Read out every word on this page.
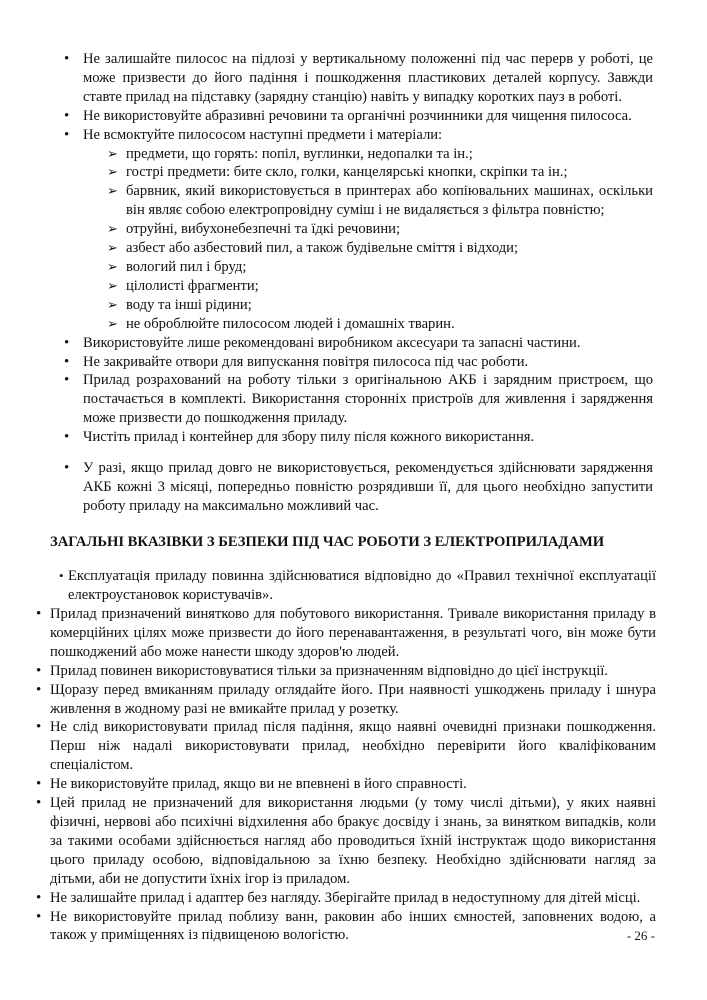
• Не залишайте пилосос на підлозі у вертикальному положенні під час перерв у роботі, це може призвести до його падіння і пошкодження пластикових деталей корпусу. Завжди ставте прилад на підставку (зарядну станцію) навіть у випадку коротких пауз в роботі.
• Не використовуйте абразивні речовини та органічні розчинники для чищення пилососа.
• Не всмоктуйте пилососом наступні предмети і матеріали:
➢ предмети, що горять: попіл, вуглинки, недопалки та ін.;
➢ гострі предмети: бите скло, голки, канцелярські кнопки, скріпки та ін.;
➢ барвник, який використовується в принтерах або копіювальних машинах, оскільки він являє собою електропровідну суміш і не видаляється з фільтра повністю;
➢ отруйні, вибухонебезпечні та їдкі речовини;
➢ азбест або азбестовий пил, а також будівельне сміття і відходи;
➢ вологий пил і бруд;
➢ цілолисті фрагменти;
➢ воду та інші рідини;
➢ не оброблюйте пилососом людей і домашніх тварин.
• Використовуйте лише рекомендовані виробником аксесуари та запасні частини.
• Не закривайте отвори для випускання повітря пилососа під час роботи.
• Прилад розрахований на роботу тільки з оригінальною АКБ і зарядним пристроєм, що постачається в комплекті. Використання сторонніх пристроїв для живлення і зарядження може призвести до пошкодження приладу.
• Чистіть прилад і контейнер для збору пилу після кожного використання.
• У разі, якщо прилад довго не використовується, рекомендується здійснювати зарядження АКБ кожні 3 місяці, попередньо повністю розрядивши її, для цього необхідно запустити роботу приладу на максимально можливий час.
ЗАГАЛЬНІ ВКАЗІВКИ З БЕЗПЕКИ ПІД ЧАС РОБОТИ З ЕЛЕКТРОПРИЛАДАМИ
• Експлуатація приладу повинна здійснюватися відповідно до «Правил технічної експлуатації електроустановок користувачів».
• Прилад призначений винятково для побутового використання. Тривале використання приладу в комерційних цілях може призвести до його перенавантаження, в результаті чого, він може бути пошкоджений або може нанести шкоду здоров'ю людей.
• Прилад повинен використовуватися тільки за призначенням відповідно до цієї інструкції.
• Щоразу перед вмиканням приладу оглядайте його. При наявності ушкоджень приладу і шнура живлення в жодному разі не вмикайте прилад у розетку.
• Не слід використовувати прилад після падіння, якщо наявні очевидні признаки пошкодження. Перш ніж надалі використовувати прилад, необхідно перевірити його кваліфікованим спеціалістом.
• Не використовуйте прилад, якщо ви не впевнені в його справності.
• Цей прилад не призначений для використання людьми (у тому числі дітьми), у яких наявні фізичні, нервові або психічні відхилення або бракує досвіду і знань, за винятком випадків, коли за такими особами здійснюється нагляд або проводиться їхній інструктаж щодо використання цього приладу особою, відповідальною за їхню безпеку. Необхідно здійснювати нагляд за дітьми, аби не допустити їхніх ігор із приладом.
• Не залишайте прилад і адаптер без нагляду. Зберігайте прилад в недоступному для дітей місці.
• Не використовуйте прилад поблизу ванн, раковин або інших ємностей, заповнених водою, а також у приміщеннях із підвищеною вологістю.	- 26 -
